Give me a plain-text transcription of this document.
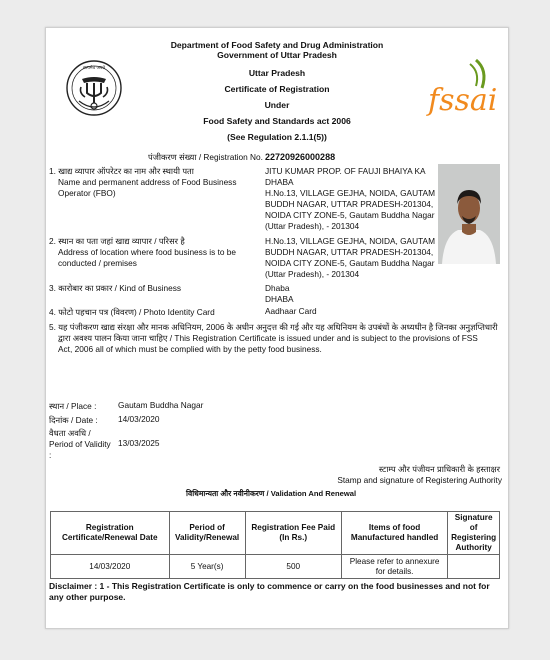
Department of Food Safety and Drug Administration
Government of Uttar Pradesh
Uttar Pradesh
Certificate of Registration
Under
Food Safety and Standards act 2006
(See Regulation 2.1.1(5))
सत्यमेव जयते
fssai
पंजीकरण संख्या / Registration No. 22720926000288
1. खाद्य व्यापार ऑपरेटर का नाम और स्थायी पता
Name and permanent address of Food Business
Operator (FBO)
JITU KUMAR PROP. OF FAUJI BHAIYA KA
DHABA
H.No.13, VILLAGE GEJHA, NOIDA, GAUTAM
BUDDH NAGAR, UTTAR PRADESH-201304,
NOIDA CITY ZONE-5, Gautam Buddha Nagar
(Uttar Pradesh), - 201304
2. स्थान का पता जहां खाद्य व्यापार / परिसर है
Address of location where food business is to be
conducted / premises
H.No.13, VILLAGE GEJHA, NOIDA, GAUTAM
BUDDH NAGAR, UTTAR PRADESH-201304,
NOIDA CITY ZONE-5, Gautam Buddha Nagar
(Uttar Pradesh), - 201304
3. कारोबार का प्रकार / Kind of Business	Dhaba
DHABA
4. फोटो पहचान पत्र (विवरण) / Photo Identity Card	Aadhaar Card
5. यह पंजीकरण खाद्य संरक्षा और मानक अधिनियम, 2006 के अधीन अनुदत्त की गई और यह अधिनियम के उपबंधों के अध्यधीन है जिनका अनुज्ञप्तिधारी
द्वारा अवश्य पालन किया जाना चाहिए / This Registration Certificate is issued under and is subject to the provisions of FSS
Act, 2006 all of which must be complied with by the petty food business.
स्थान / Place :	Gautam Buddha Nagar
दिनांक / Date : 14/03/2020
वैधता अवधि /
Period of Validity
:
13/03/2025
स्टाम्प और पंजीयन प्राधिकारी के हस्ताक्षर
Stamp and signature of Registering Authority
विधिमान्यता और नवीनीकरण / Validation And Renewal
Registration Certificate/Renewal Date	Period of Validity/Renewal	Registration Fee Paid (In Rs.)	Items of food Manufactured handled	Signature of Registering Authority
14/03/2020	5 Year(s)	500	Please refer to annexure for details.	
Disclaimer : 1 - This Registration Certificate is only to commence or carry on the food businesses and not for any other purpose.
